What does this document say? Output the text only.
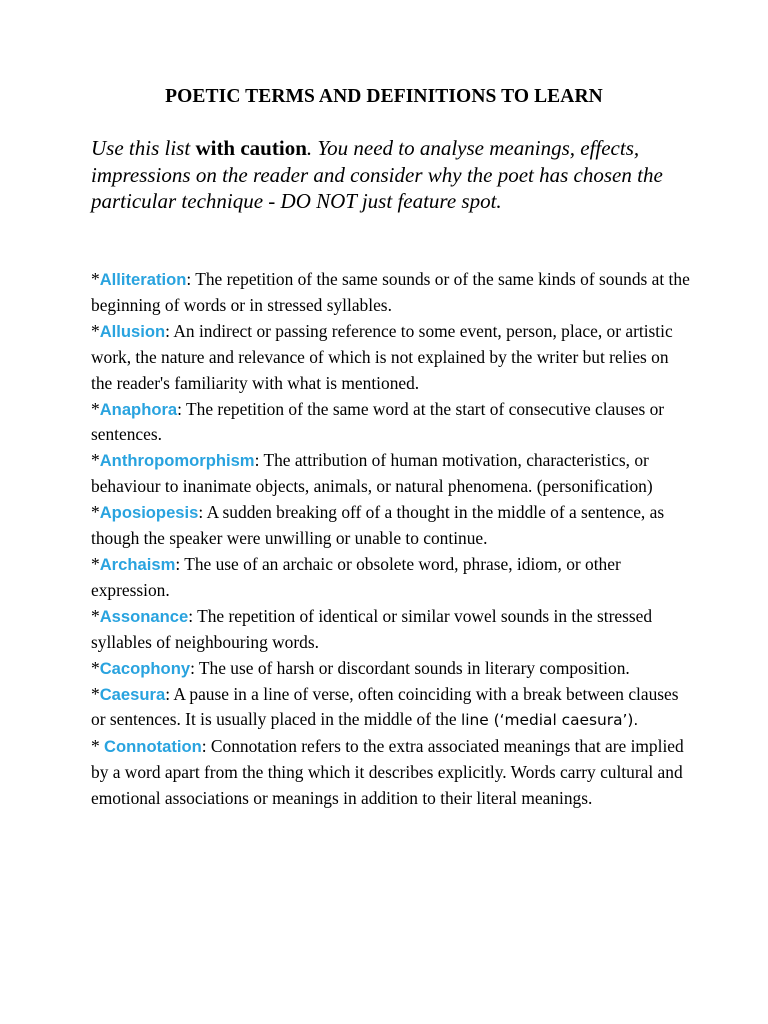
POETIC TERMS AND DEFINITIONS TO LEARN

Use this list with caution. You need to analyse meanings, effects, impressions on the reader and consider why the poet has chosen the particular technique - DO NOT just feature spot.

*Alliteration: The repetition of the same sounds or of the same kinds of sounds at the beginning of words or in stressed syllables.

*Allusion: An indirect or passing reference to some event, person, place, or artistic work, the nature and relevance of which is not explained by the writer but relies on the reader's familiarity with what is mentioned.

*Anaphora: The repetition of the same word at the start of consecutive clauses or sentences.

*Anthropomorphism: The attribution of human motivation, characteristics, or behaviour to inanimate objects, animals, or natural phenomena. (personification)

*Aposiopesis: A sudden breaking off of a thought in the middle of a sentence, as though the speaker were unwilling or unable to continue.

*Archaism: The use of an archaic or obsolete word, phrase, idiom, or other expression.

*Assonance: The repetition of identical or similar vowel sounds in the stressed syllables of neighbouring words.

*Cacophony: The use of harsh or discordant sounds in literary composition.

*Caesura: A pause in a line of verse, often coinciding with a break between clauses or sentences. It is usually placed in the middle of the line (‘medial caesura’).

* Connotation: Connotation refers to the extra associated meanings that are implied by a word apart from the thing which it describes explicitly. Words carry cultural and emotional associations or meanings in addition to their literal meanings.
